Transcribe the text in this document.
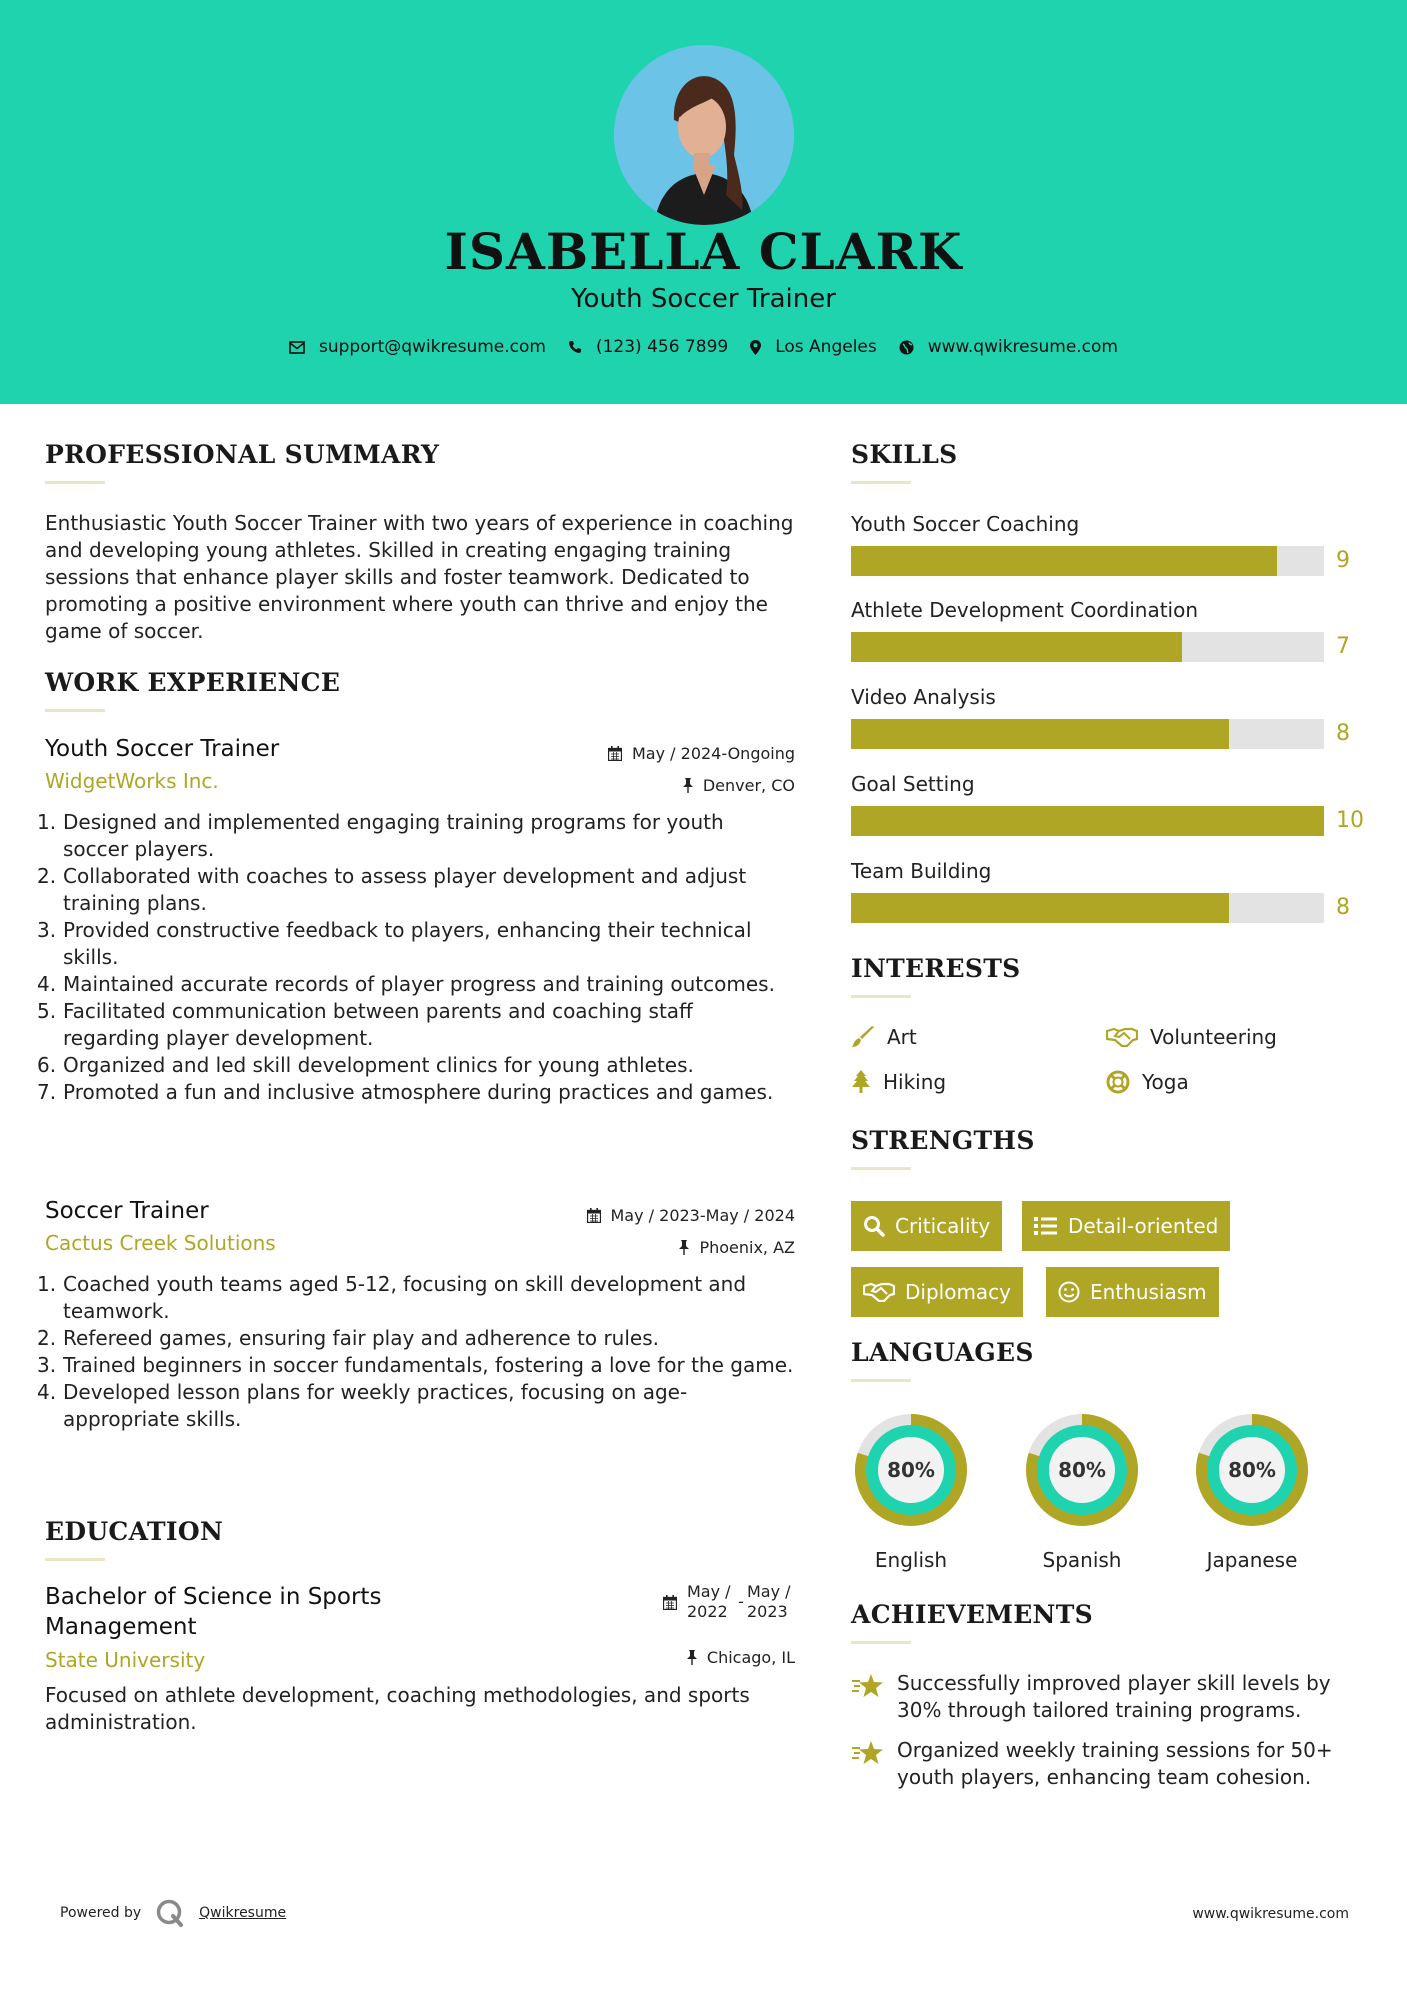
ISABELLA CLARK
Youth Soccer Trainer
support@qwikresume.com	(123) 456 7899	Los Angeles	www.qwikresume.com
PROFESSIONAL SUMMARY
Enthusiastic Youth Soccer Trainer with two years of experience in coaching and developing young athletes. Skilled in creating engaging training sessions that enhance player skills and foster teamwork. Dedicated to promoting a positive environment where youth can thrive and enjoy the game of soccer.
WORK EXPERIENCE
Youth Soccer Trainer
WidgetWorks Inc.
May / 2024-Ongoing
Denver, CO
1. Designed and implemented engaging training programs for youth soccer players.
2. Collaborated with coaches to assess player development and adjust training plans.
3. Provided constructive feedback to players, enhancing their technical skills.
4. Maintained accurate records of player progress and training outcomes.
5. Facilitated communication between parents and coaching staff regarding player development.
6. Organized and led skill development clinics for young athletes.
7. Promoted a fun and inclusive atmosphere during practices and games.
Soccer Trainer
Cactus Creek Solutions
May / 2023-May / 2024
Phoenix, AZ
1. Coached youth teams aged 5-12, focusing on skill development and teamwork.
2. Refereed games, ensuring fair play and adherence to rules.
3. Trained beginners in soccer fundamentals, fostering a love for the game.
4. Developed lesson plans for weekly practices, focusing on age-appropriate skills.
EDUCATION
Bachelor of Science in Sports Management
State University
May / 2022
-
May / 2023
Chicago, IL
Focused on athlete development, coaching methodologies, and sports administration.
SKILLS
Youth Soccer Coaching
9
Athlete Development Coordination
7
Video Analysis
8
Goal Setting
10
Team Building
8
INTERESTS
Art	Volunteering
Hiking	Yoga
STRENGTHS
Criticality	Detail-oriented
Diplomacy	Enthusiasm
LANGUAGES
80%
English
80%
Spanish
80%
Japanese
ACHIEVEMENTS
Successfully improved player skill levels by 30% through tailored training programs.
Organized weekly training sessions for 50+ youth players, enhancing team cohesion.
Powered by	Qwikresume	www.qwikresume.com
